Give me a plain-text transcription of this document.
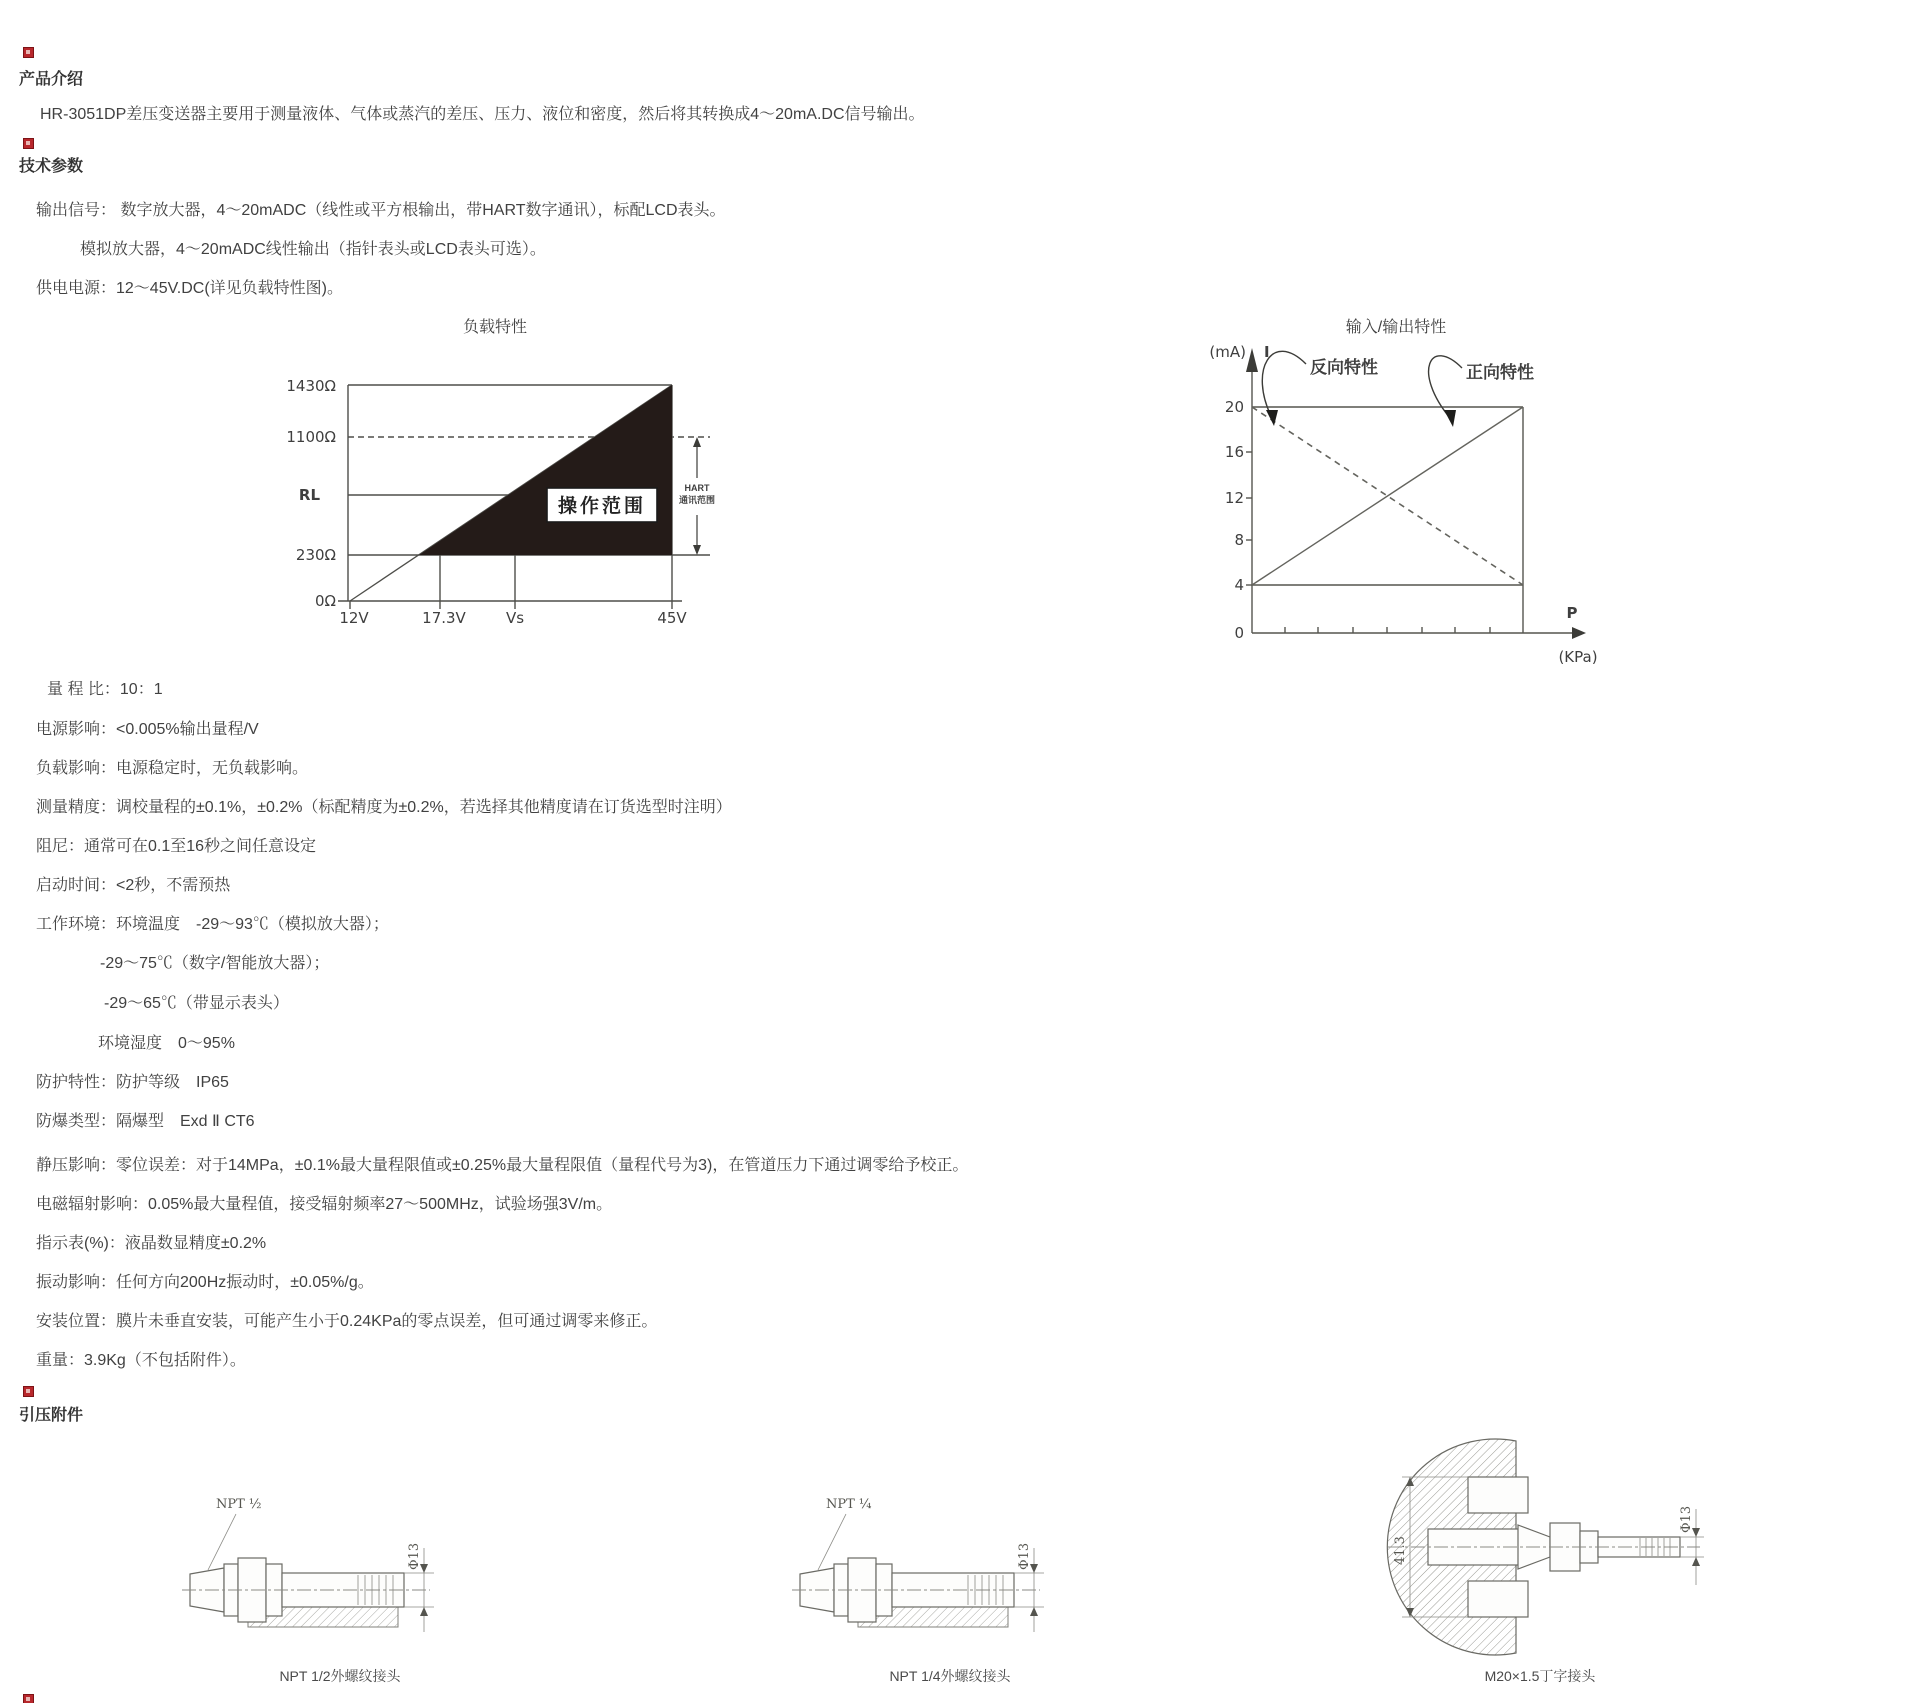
产品介绍
HR-3051DP差压变送器主要用于测量液体、气体或蒸汽的差压、压力、液位和密度，然后将其转换成4～20mA.DC信号输出。
技术参数
输出信号： 数字放大器，4～20mADC（线性或平方根输出，带HART数字通讯），标配LCD表头。
模拟放大器，4～20mADC线性输出（指针表头或LCD表头可选）。
供电电源：12～45V.DC(详见负载特性图)。
负载特性
操作范围
HART
通讯范围
1430Ω
1100Ω
RL
230Ω
0Ω
12V	17.3V	Vs	45V
输入/输出特性
(mA) I
反向特性	正向特性
20
16
12
8
4
0
P
(KPa)
量 程 比：10：1
电源影响：<0.005%输出量程/V
负载影响：电源稳定时，无负载影响。
测量精度：调校量程的±0.1%，±0.2%（标配精度为±0.2%，若选择其他精度请在订货选型时注明）
阻尼：通常可在0.1至16秒之间任意设定
启动时间：<2秒，不需预热
工作环境：环境温度　-29～93℃（模拟放大器）；
-29～75℃（数字/智能放大器）；
-29～65℃（带显示表头）
环境湿度　0～95%
防护特性：防护等级　IP65
防爆类型：隔爆型　Exd Ⅱ CT6
静压影响：零位误差：对于14MPa，±0.1%最大量程限值或±0.25%最大量程限值（量程代号为3)，在管道压力下通过调零给予校正。
电磁辐射影响：0.05%最大量程值，接受辐射频率27～500MHz，试验场强3V/m。
指示表(%)：液晶数显精度±0.2%
振动影响：任何方向200Hz振动时，±0.05%/g。
安装位置：膜片未垂直安装，可能产生小于0.24KPa的零点误差，但可通过调零来修正。
重量：3.9Kg（不包括附件）。
引压附件
NPT ½
Φ13
NPT 1/2外螺纹接头
NPT ¼
Φ13
NPT 1/4外螺纹接头
41.3
Φ13
M20×1.5丁字接头
